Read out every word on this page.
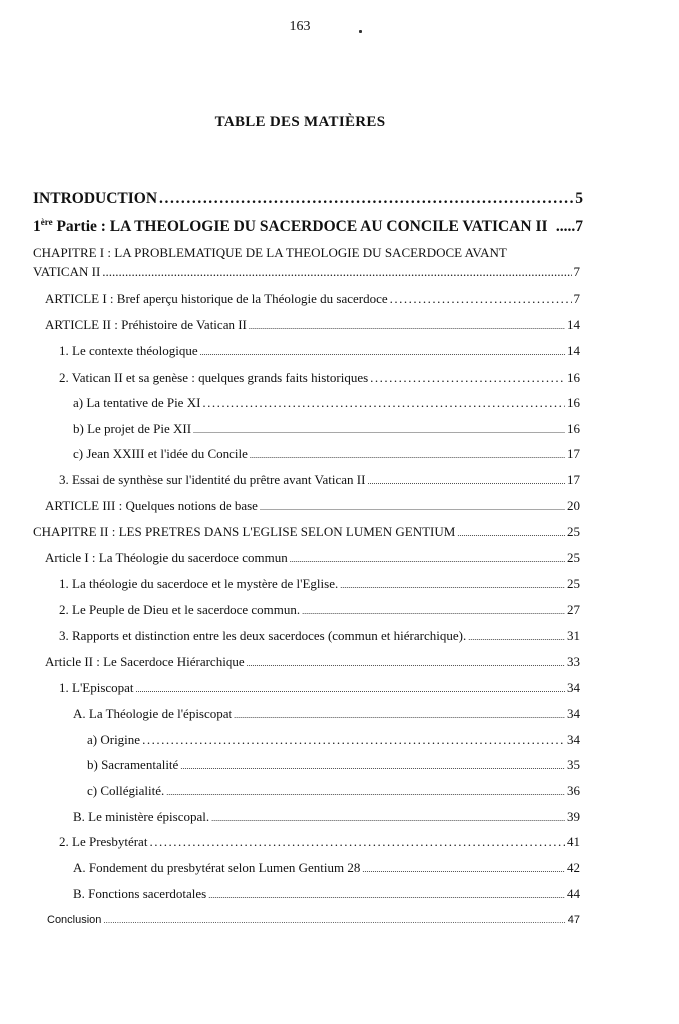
163
TABLE DES MATIÈRES
INTRODUCTION .....	5
1ère Partie : LA THEOLOGIE DU SACERDOCE AU CONCILE VATICAN II .....7
CHAPITRE I : LA PROBLEMATIQUE DE LA THEOLOGIE DU SACERDOCE AVANT
VATICAN II .....	7
ARTICLE I : Bref aperçu historique de la Théologie du sacerdoce .....	7
ARTICLE II : Préhistoire de Vatican II .....	14
1. Le contexte théologique .....	14
2. Vatican II et sa genèse : quelques grands faits historiques .....	16
a) La tentative de Pie XI .....	16
b) Le projet de Pie XII .....	16
c) Jean XXIII et l'idée du Concile .....	17
3. Essai de synthèse sur l'identité du prêtre avant Vatican II .....	17
ARTICLE III : Quelques notions de base .....	20
CHAPITRE II : LES PRETRES DANS L'EGLISE SELON LUMEN GENTIUM .....	25
Article I : La Théologie du sacerdoce commun .....	25
1. La théologie du sacerdoce et le mystère de l'Eglise. .....	25
2. Le Peuple de Dieu et le sacerdoce commun. .....	27
3. Rapports et distinction entre les deux sacerdoces (commun et hiérarchique). .....	31
Article II : Le Sacerdoce Hiérarchique .....	33
1. L'Episcopat .....	34
A. La Théologie de l'épiscopat .....	34
a) Origine .....	34
b) Sacramentalité .....	35
c) Collégialité. .....	36
B. Le ministère épiscopal. .....	39
2. Le Presbytérat .....	41
A. Fondement du presbytérat selon Lumen Gentium 28 .....	42
B. Fonctions sacerdotales .....	44
Conclusion .....	47
